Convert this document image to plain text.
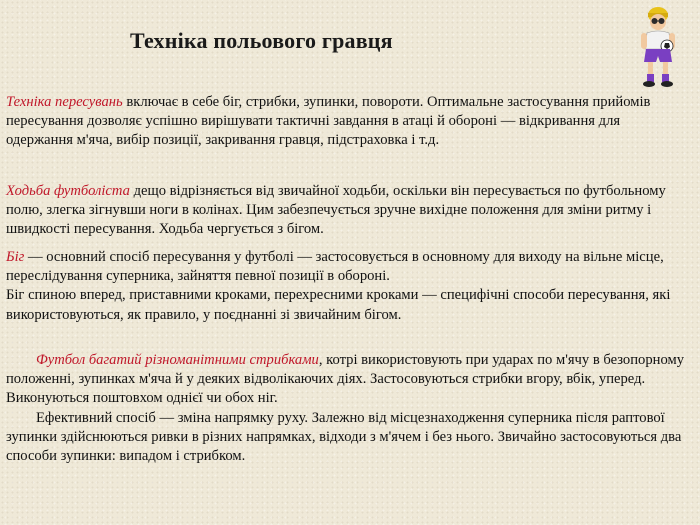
Техніка польового гравця

Техніка пересувань включає в себе біг, стрибки, зупинки, повороти. Оптимальне застосування прийомів пересування дозволяє успішно вирішувати тактичні завдання в атаці й обороні — відкривання для одержання м'яча, вибір позиції, закривання гравця, підстраховка і т.д.

Ходьба футболіста дещо відрізняється від звичайної ходьби, оскільки він пересувається по футбольному полю, злегка зігнувши ноги в колінах. Цим забезпечується зручне вихідне положення для зміни ритму і швидкості пересування. Ходьба чергується з бігом.

Біг — основний спосіб пересування у футболі — застосовується в основному для виходу на вільне місце, переслідування суперника, зайняття певної позиції в обороні.
Біг спиною вперед, приставними кроками, перехресними кроками — специфічні способи пересування, які використовуються, як правило, у поєднанні зі звичайним бігом.

Футбол багатий різноманітними стрибками, котрі використовують при ударах по м'ячу в безопорному положенні, зупинках м'яча й у деяких відволікаючих діях. Застосовуються стрибки вгору, вбік, уперед. Виконуються поштовхом однієї чи обох ніг.

Ефективний спосіб — зміна напрямку руху. Залежно від місцезнаходження суперника після раптової зупинки здійснюються ривки в різних напрямках, відходи з м'ячем і без нього. Звичайно застосовуються два способи зупинки: випадом і стрибком.
